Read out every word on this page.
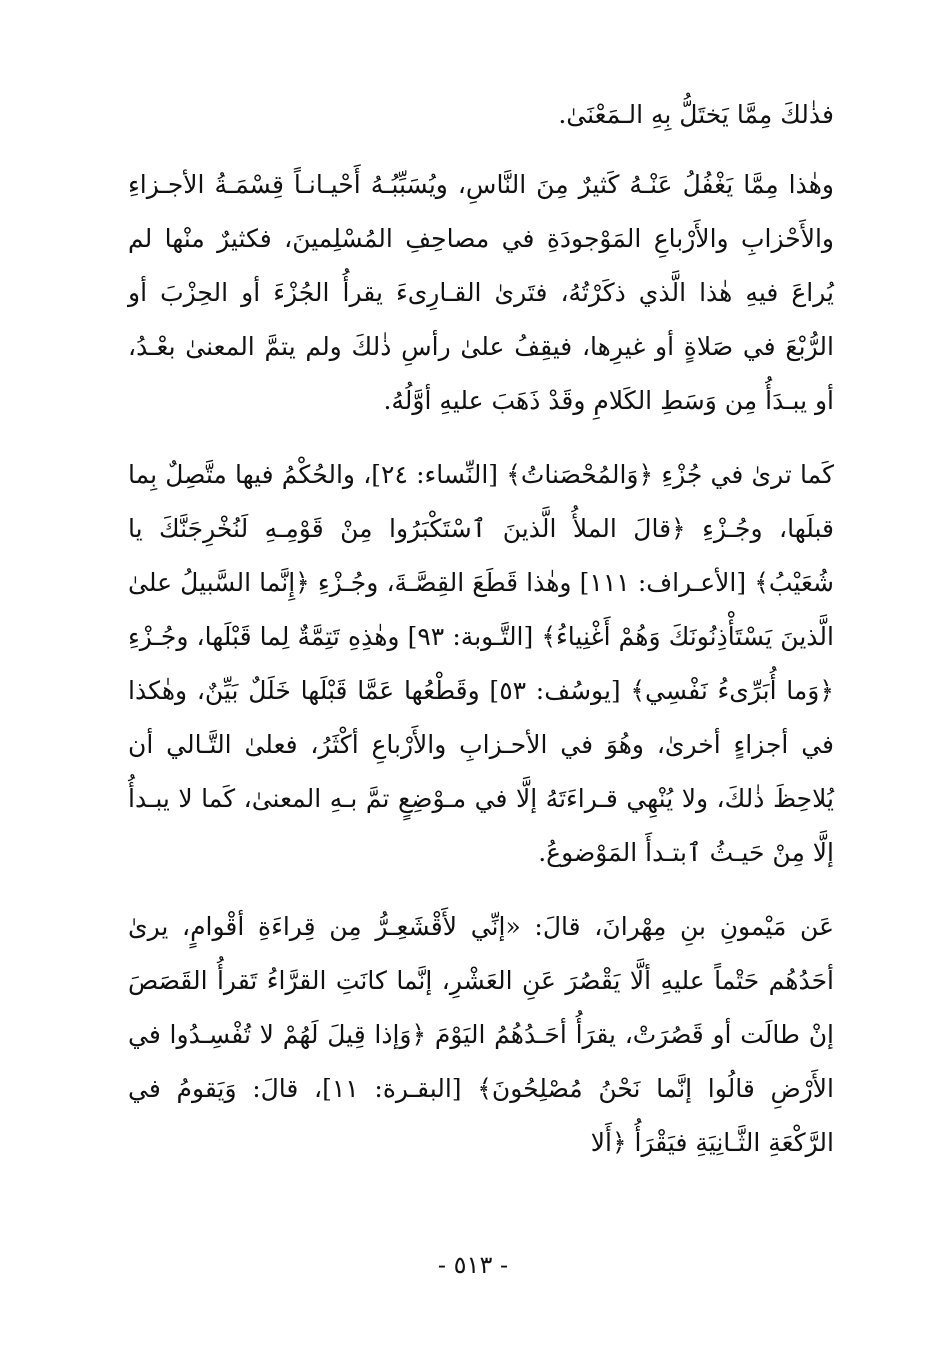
فذٰلكَ مِمَّا يَختَلُّ بِهِ الـمَعْنَىٰ.

وهٰذا مِمَّا يَغْفُلُ عَنْـهُ كَثيرٌ مِنَ النَّاسِ، ويُسَبِّبُـهُ أَحْيـانـاً قِسْمَـةُ الأجـزاءِ والأَحْزابِ والأَرْباعِ المَوْجودَةِ في مصاحِفِ المُسْلِمينَ، فكثيرٌ منْها لم يُراعَ فيهِ هٰذا الَّذي ذكَرْتُهُ، فتَرىٰ القـارِىءَ يقرأُ الجُزْءَ أو الحِزْبَ أو الرُّبْعَ في صَلاةٍ أو غيرِها، فيقِفُ علىٰ رأسِ ذٰلكَ ولم يتمَّ المعنىٰ بعْـدُ، أو يبـدَأُ مِن وَسَطِ الكَلامِ وقَدْ ذَهَبَ عليهِ أوَّلُهُ.

كَما ترىٰ في جُزْءِ ﴿وَالمُحْصَناتُ﴾ [النِّساء: ٢٤]، والحُكْمُ فيها متَّصِلٌ بِما قبلَها، وجُـزْءِ ﴿قالَ الملأُ الَّذينَ ٱسْتَكْبَرُوا مِنْ قَوْمِـهِ لَنُخْرِجَنَّكَ يا شُعَيْبُ﴾ [الأعـراف: ١١١] وهٰذا قَطَعَ القِصَّـةَ، وجُـزْءِ ﴿إِنَّما السَّبيلُ علىٰ الَّذينَ يَسْتَأْذِنُونَكَ وَهُمْ أَغْنِياءُ﴾ [التَّـوبة: ٩٣] وهٰذِهِ تَتِمَّةٌ لِما قَبْلَها، وجُـزْءِ ﴿وَما أُبَرِّىءُ نَفْسِي﴾ [يوسُف: ٥٣] وقَطْعُها عَمَّا قَبْلَها خَلَلٌ بَيِّنٌ، وهٰكذا في أجزاءٍ أخرىٰ، وهُوَ في الأحـزابِ والأَرْباعِ أكْثَرُ، فعلىٰ التَّـالي أن يُلاحِظَ ذٰلكَ، ولا يُنْهِي قـراءَتَهُ إلَّا في مـوْضِعٍ تمَّ بـهِ المعنىٰ، كَما لا يبـدأُ إلَّا مِنْ حَيـثُ ٱبتـدأَ المَوْضوعُ.

عَن مَيْمونِ بنِ مِهْرانَ، قالَ: «إنِّي لأَقْشَعِـرُّ مِن قِراءَةِ أقْوامٍ، يرىٰ أحَدُهُم حَتْماً عليهِ ألَّا يَقْصُرَ عَنِ العَشْرِ، إنَّما كانَتِ القرَّاءُ تَقرأُ القَصَصَ إنْ طالَت أو قَصُرَتْ، يقرَأُ أحَـدُهُمُ اليَوْمَ ﴿وَإذا قِيلَ لَهُمْ لا تُفْسِـدُوا في الأَرْضِ قالُوا إنَّما نَحْنُ مُصْلِحُونَ﴾ [البقـرة: ١١]، قالَ: وَيَقومُ في الرَّكْعَةِ الثَّـانِيَةِ فيَقْرَأُ ﴿أَلا

- ٥١٣ -
